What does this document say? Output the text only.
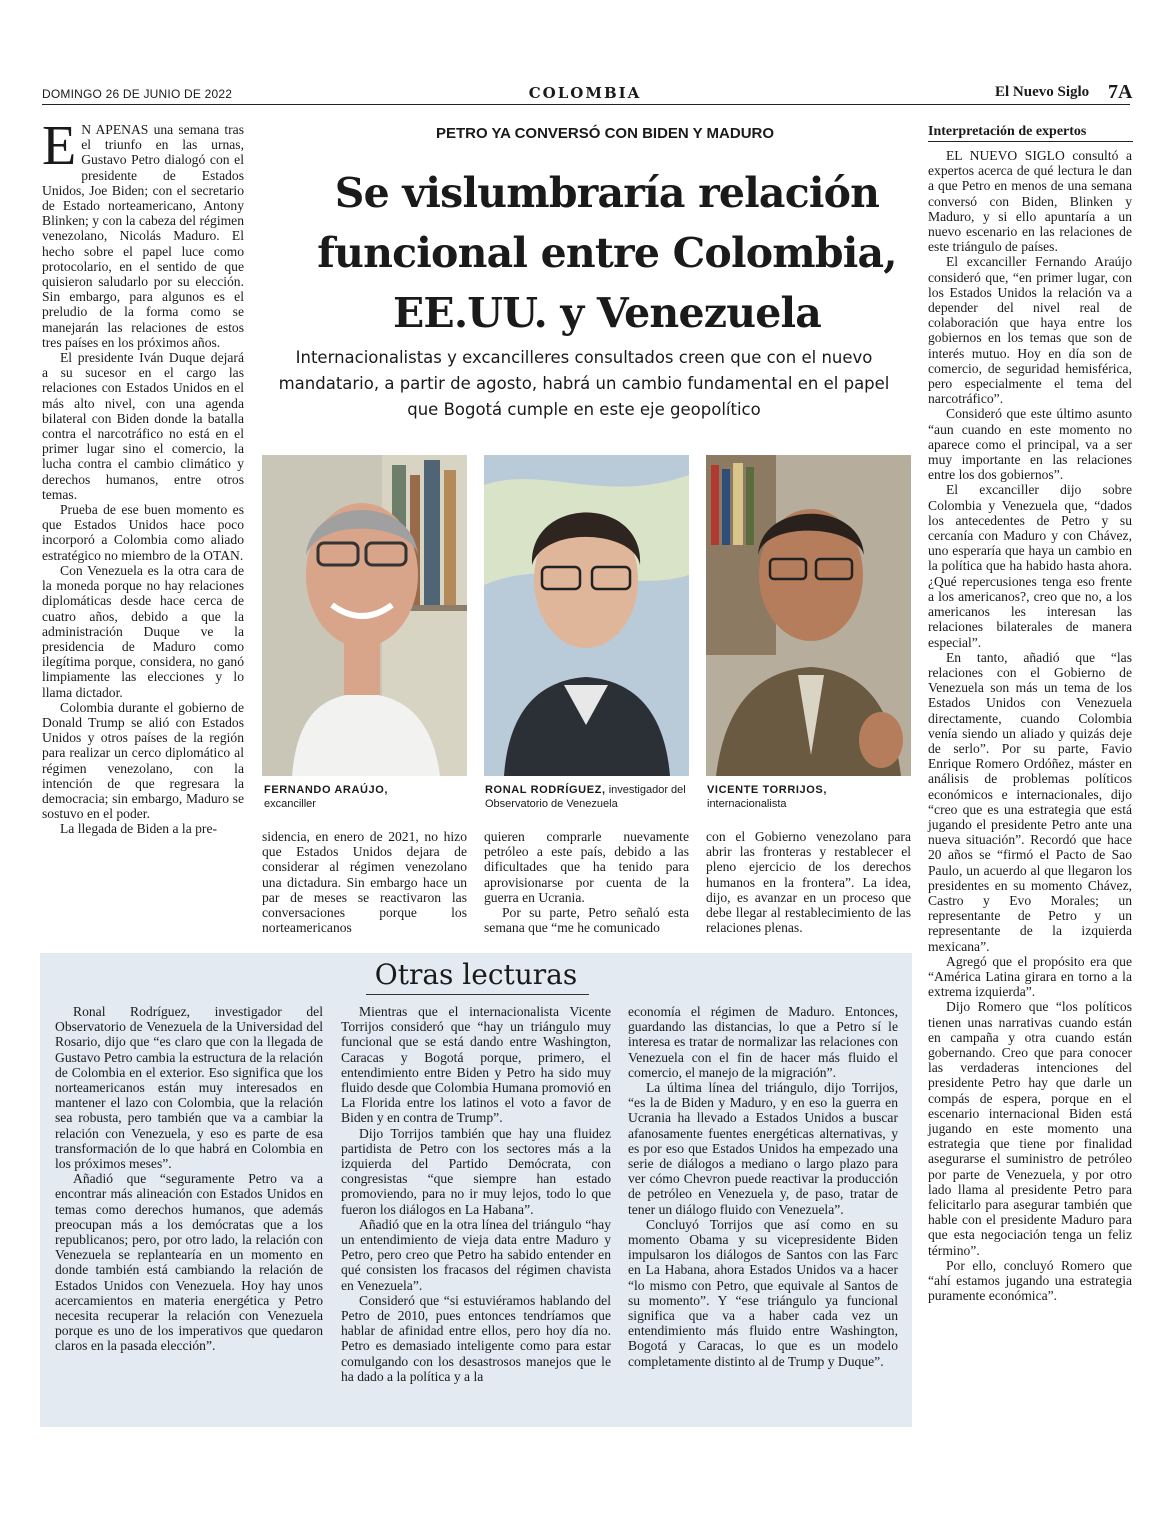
DOMINGO 26 DE JUNIO DE 2022	COLOMBIA	El Nuevo Siglo 7A
E N APENAS una semana tras el triunfo en las urnas, Gustavo Petro dialogó con el presidente de Estados Unidos, Joe Biden; con el secretario de Estado norteamericano, Antony Blinken; y con la cabeza del régimen venezolano, Nicolás Maduro. El hecho sobre el papel luce como protocolario, en el sentido de que quisieron saludarlo por su elección. Sin embargo, para algunos es el preludio de la forma como se manejarán las relaciones de estos tres países en los próximos años.

El presidente Iván Duque dejará a su sucesor en el cargo las relaciones con Estados Unidos en el más alto nivel, con una agenda bilateral con Biden donde la batalla contra el narcotráfico no está en el primer lugar sino el comercio, la lucha contra el cambio climático y derechos humanos, entre otros temas.

Prueba de ese buen momento es que Estados Unidos hace poco incorporó a Colombia como aliado estratégico no miembro de la OTAN.

Con Venezuela es la otra cara de la moneda porque no hay relaciones diplomáticas desde hace cerca de cuatro años, debido a que la administración Duque ve la presidencia de Maduro como ilegítima porque, considera, no ganó limpiamente las elecciones y lo llama dictador.

Colombia durante el gobierno de Donald Trump se alió con Estados Unidos y otros países de la región para realizar un cerco diplomático al régimen venezolano, con la intención de que regresara la democracia; sin embargo, Maduro se sostuvo en el poder.

La llegada de Biden a la pre-

PETRO YA CONVERSÓ CON BIDEN Y MADURO
Se vislumbraría relación
funcional entre Colombia,
EE.UU. y Venezuela
Internacionalistas y excancilleres consultados creen que con el nuevo mandatario, a partir de agosto, habrá un cambio fundamental en el papel que Bogotá cumple en este eje geopolítico
FERNANDO ARAÚJO,
excanciller
RONAL RODRÍGUEZ, investigador del Observatorio de Venezuela
VICENTE TORRIJOS,
internacionalista

sidencia, en enero de 2021, no hizo que Estados Unidos dejara de considerar al régimen venezolano una dictadura. Sin embargo hace un par de meses se reactivaron las conversaciones porque los norteamericanos

quieren comprarle nuevamente petróleo a este país, debido a las dificultades que ha tenido para aprovisionarse por cuenta de la guerra en Ucrania.

Por su parte, Petro señaló esta semana que “me he comunicado

con el Gobierno venezolano para abrir las fronteras y restablecer el pleno ejercicio de los derechos humanos en la frontera”. La idea, dijo, es avanzar en un proceso que debe llegar al restablecimiento de las relaciones plenas.

Interpretación de expertos

EL NUEVO SIGLO consultó a expertos acerca de qué lectura le dan a que Petro en menos de una semana conversó con Biden, Blinken y Maduro, y si ello apuntaría a un nuevo escenario en las relaciones de este triángulo de países.

El excanciller Fernando Araújo consideró que, “en primer lugar, con los Estados Unidos la relación va a depender del nivel real de colaboración que haya entre los gobiernos en los temas que son de interés mutuo. Hoy en día son de comercio, de seguridad hemisférica, pero especialmente el tema del narcotráfico”.

Consideró que este último asunto “aun cuando en este momento no aparece como el principal, va a ser muy importante en las relaciones entre los dos gobiernos”.

El excanciller dijo sobre Colombia y Venezuela que, “dados los antecedentes de Petro y su cercanía con Maduro y con Chávez, uno esperaría que haya un cambio en la política que ha habido hasta ahora. ¿Qué repercusiones tenga eso frente a los americanos?, creo que no, a los americanos les interesan las relaciones bilaterales de manera especial”.

En tanto, añadió que “las relaciones con el Gobierno de Venezuela son más un tema de los Estados Unidos con Venezuela directamente, cuando Colombia venía siendo un aliado y quizás deje de serlo”. Por su parte, Favio Enrique Romero Ordóñez, máster en análisis de problemas políticos económicos e internacionales, dijo “creo que es una estrategia que está jugando el presidente Petro ante una nueva situación”. Recordó que hace 20 años se “firmó el Pacto de Sao Paulo, un acuerdo al que llegaron los presidentes en su momento Chávez, Castro y Evo Morales; un representante de Petro y un representante de la izquierda mexicana”.

Agregó que el propósito era que “América Latina girara en torno a la extrema izquierda”.

Dijo Romero que “los políticos tienen unas narrativas cuando están en campaña y otra cuando están gobernando. Creo que para conocer las verdaderas intenciones del presidente Petro hay que darle un compás de espera, porque en el escenario internacional Biden está jugando en este momento una estrategia que tiene por finalidad asegurarse el suministro de petróleo por parte de Venezuela, y por otro lado llama al presidente Petro para felicitarlo para asegurar también que hable con el presidente Maduro para que esta negociación tenga un feliz término”.

Por ello, concluyó Romero que “ahí estamos jugando una estrategia puramente económica”.

Otras lecturas

Ronal Rodríguez, investigador del Observatorio de Venezuela de la Universidad del Rosario, dijo que “es claro que con la llegada de Gustavo Petro cambia la estructura de la relación de Colombia en el exterior. Eso significa que los norteamericanos están muy interesados en mantener el lazo con Colombia, que la relación sea robusta, pero también que va a cambiar la relación con Venezuela, y eso es parte de esa transformación de lo que habrá en Colombia en los próximos meses”.

Añadió que “seguramente Petro va a encontrar más alineación con Estados Unidos en temas como derechos humanos, que además preocupan más a los demócratas que a los republicanos; pero, por otro lado, la relación con Venezuela se replantearía en un momento en donde también está cambiando la relación de Estados Unidos con Venezuela. Hoy hay unos acercamientos en materia energética y Petro necesita recuperar la relación con Venezuela porque es uno de los imperativos que quedaron claros en la pasada elección”.

Mientras que el internacionalista Vicente Torrijos consideró que “hay un triángulo muy funcional que se está dando entre Washington, Caracas y Bogotá porque, primero, el entendimiento entre Biden y Petro ha sido muy fluido desde que Colombia Humana promovió en La Florida entre los latinos el voto a favor de Biden y en contra de Trump”.

Dijo Torrijos también que hay una fluidez partidista de Petro con los sectores más a la izquierda del Partido Demócrata, con congresistas “que siempre han estado promoviendo, para no ir muy lejos, todo lo que fueron los diálogos en La Habana”.

Añadió que en la otra línea del triángulo “hay un entendimiento de vieja data entre Maduro y Petro, pero creo que Petro ha sabido entender en qué consisten los fracasos del régimen chavista en Venezuela”.

Consideró que “si estuviéramos hablando del Petro de 2010, pues entonces tendríamos que hablar de afinidad entre ellos, pero hoy día no. Petro es demasiado inteligente como para estar comulgando con los desastrosos manejos que le ha dado a la política y a la

economía el régimen de Maduro. Entonces, guardando las distancias, lo que a Petro sí le interesa es tratar de normalizar las relaciones con Venezuela con el fin de hacer más fluido el comercio, el manejo de la migración”.

La última línea del triángulo, dijo Torrijos, “es la de Biden y Maduro, y en eso la guerra en Ucrania ha llevado a Estados Unidos a buscar afanosamente fuentes energéticas alternativas, y es por eso que Estados Unidos ha empezado una serie de diálogos a mediano o largo plazo para ver cómo Chevron puede reactivar la producción de petróleo en Venezuela y, de paso, tratar de tener un diálogo fluido con Venezuela”.

Concluyó Torrijos que así como en su momento Obama y su vicepresidente Biden impulsaron los diálogos de Santos con las Farc en La Habana, ahora Estados Unidos va a hacer “lo mismo con Petro, que equivale al Santos de su momento”. Y “ese triángulo ya funcional significa que va a haber cada vez un entendimiento más fluido entre Washington, Bogotá y Caracas, lo que es un modelo completamente distinto al de Trump y Duque”.
